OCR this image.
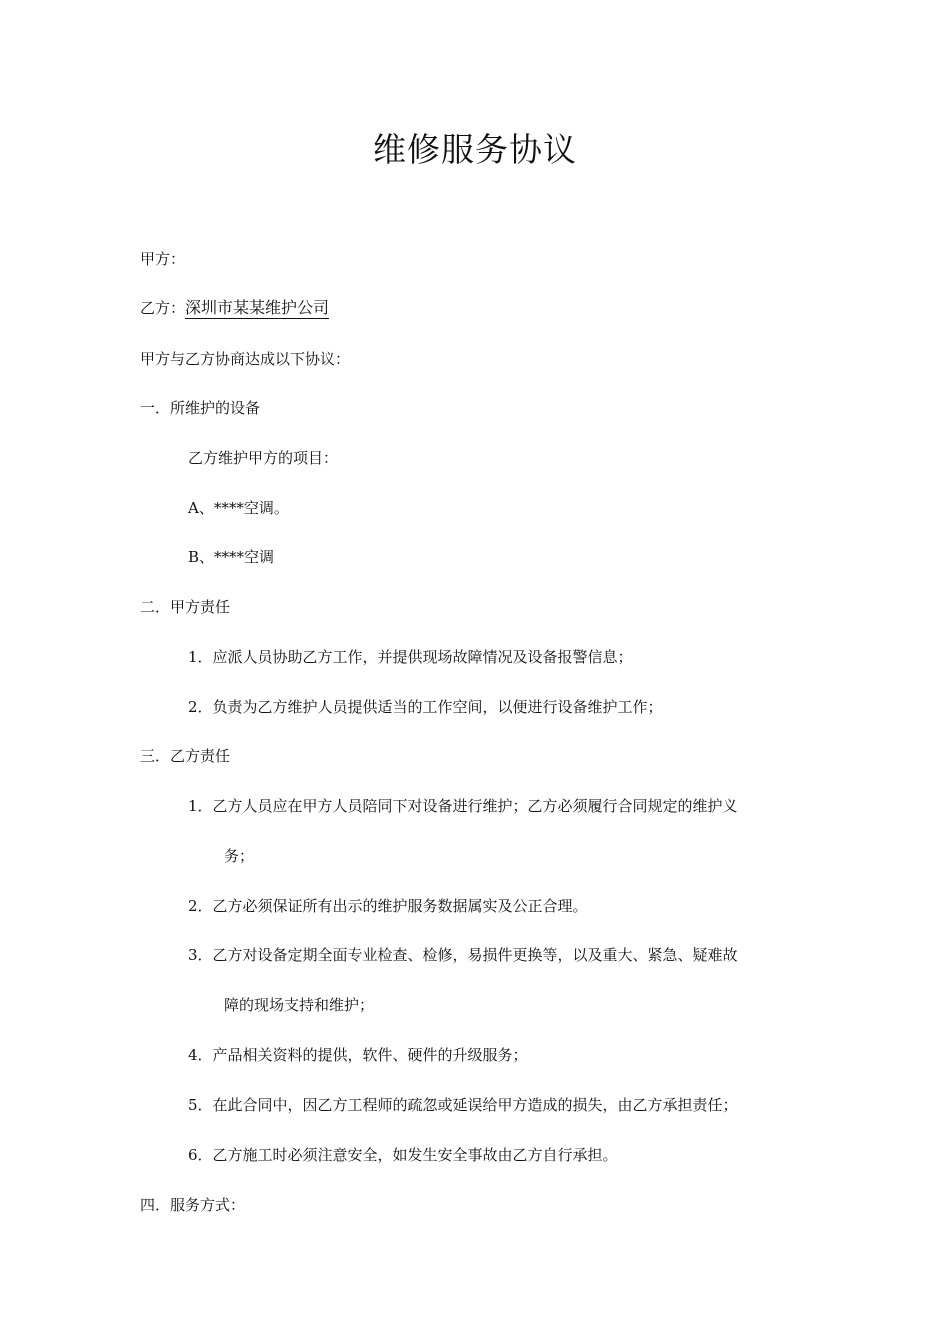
维修服务协议
甲方：
乙方：深圳市某某维护公司
甲方与乙方协商达成以下协议：
一．所维护的设备
乙方维护甲方的项目：
A、****空调。
B、****空调
二．甲方责任
1．应派人员协助乙方工作，并提供现场故障情况及设备报警信息；
2．负责为乙方维护人员提供适当的工作空间，以便进行设备维护工作；
三．乙方责任
1．乙方人员应在甲方人员陪同下对设备进行维护；乙方必须履行合同规定的维护义
务；
2．乙方必须保证所有出示的维护服务数据属实及公正合理。
3．乙方对设备定期全面专业检查、检修，易损件更换等，以及重大、紧急、疑难故
障的现场支持和维护；
4．产品相关资料的提供，软件、硬件的升级服务；
5．在此合同中，因乙方工程师的疏忽或延误给甲方造成的损失，由乙方承担责任；
6．乙方施工时必须注意安全，如发生安全事故由乙方自行承担。
四．服务方式：
